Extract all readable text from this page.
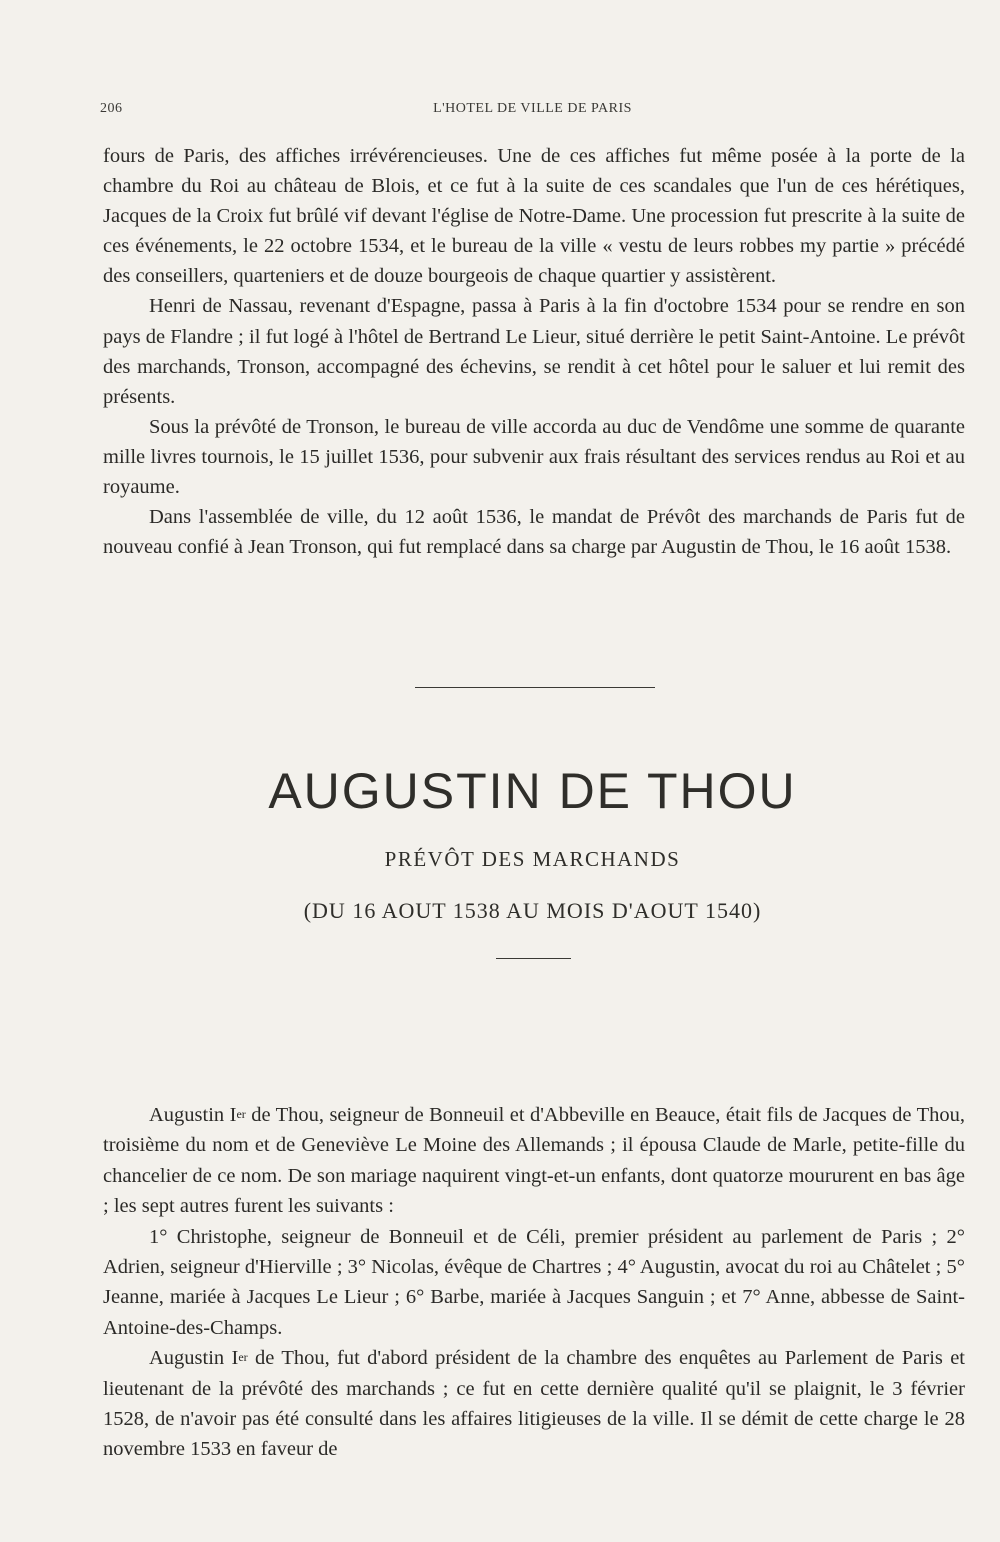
206	L'HOTEL DE VILLE DE PARIS

fours de Paris, des affiches irrévérencieuses. Une de ces affiches fut même posée à la porte de la chambre du Roi au château de Blois, et ce fut à la suite de ces scandales que l'un de ces hérétiques, Jacques de la Croix fut brûlé vif devant l'église de Notre-Dame. Une procession fut prescrite à la suite de ces événements, le 22 octobre 1534, et le bureau de la ville « vestu de leurs robbes my partie » précédé des conseillers, quarteniers et de douze bourgeois de chaque quartier y assistèrent.

Henri de Nassau, revenant d'Espagne, passa à Paris à la fin d'octobre 1534 pour se rendre en son pays de Flandre ; il fut logé à l'hôtel de Bertrand Le Lieur, situé derrière le petit Saint-Antoine. Le prévôt des marchands, Tronson, accompagné des échevins, se rendit à cet hôtel pour le saluer et lui remit des présents.

Sous la prévôté de Tronson, le bureau de ville accorda au duc de Vendôme une somme de quarante mille livres tournois, le 15 juillet 1536, pour subvenir aux frais résultant des services rendus au Roi et au royaume.

Dans l'assemblée de ville, du 12 août 1536, le mandat de Prévôt des marchands de Paris fut de nouveau confié à Jean Tronson, qui fut remplacé dans sa charge par Augustin de Thou, le 16 août 1538.

AUGUSTIN DE THOU
PRÉVÔT DES MARCHANDS
(DU 16 AOUT 1538 AU MOIS D'AOUT 1540)

Augustin Ier de Thou, seigneur de Bonneuil et d'Abbeville en Beauce, était fils de Jacques de Thou, troisième du nom et de Geneviève Le Moine des Allemands ; il épousa Claude de Marle, petite-fille du chancelier de ce nom. De son mariage naquirent vingt-et-un enfants, dont quatorze moururent en bas âge ; les sept autres furent les suivants :

1° Christophe, seigneur de Bonneuil et de Céli, premier président au parlement de Paris ; 2° Adrien, seigneur d'Hierville ; 3° Nicolas, évêque de Chartres ; 4° Augustin, avocat du roi au Châtelet ; 5° Jeanne, mariée à Jacques Le Lieur ; 6° Barbe, mariée à Jacques Sanguin ; et 7° Anne, abbesse de Saint-Antoine-des-Champs.

Augustin Ier de Thou, fut d'abord président de la chambre des enquêtes au Parlement de Paris et lieutenant de la prévôté des marchands ; ce fut en cette dernière qualité qu'il se plaignit, le 3 février 1528, de n'avoir pas été consulté dans les affaires litigieuses de la ville. Il se démit de cette charge le 28 novembre 1533 en faveur de
